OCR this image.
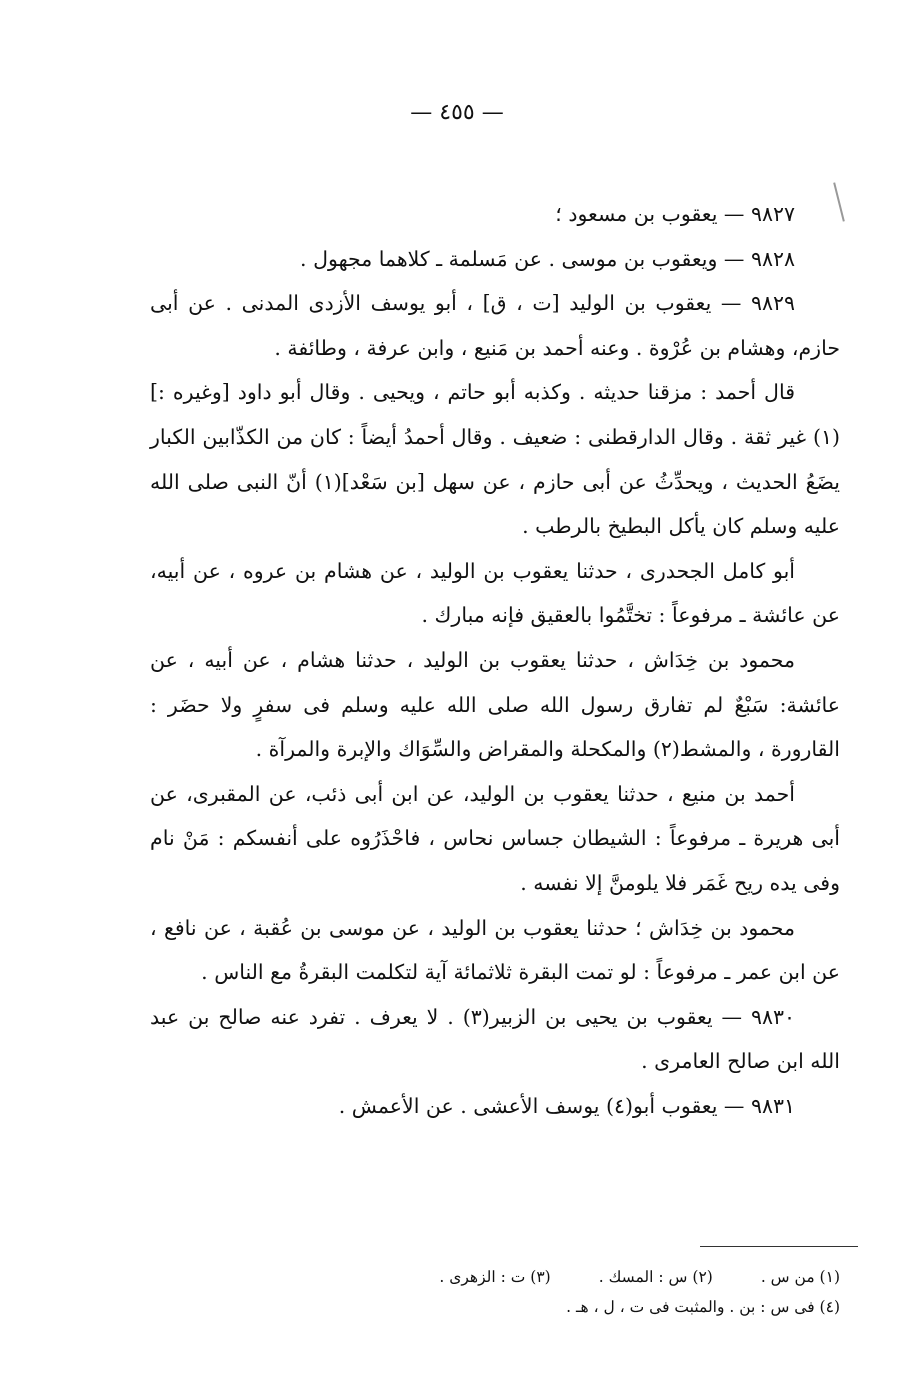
— ٤٥٥ —

٩٨٢٧ — يعقوب بن مسعود ؛

٩٨٢٨ — ويعقوب بن موسى . عن مَسلمة ـ كلاهما مجهول .

٩٨٢٩ — يعقوب بن الوليد [ت ، ق] ، أبو يوسف الأزدى المدنى . عن أبى حازم، وهشام بن عُرْوة . وعنه أحمد بن مَنيع ، وابن عرفة ، وطائفة .

قال أحمد : مزقنا حديثه . وكذبه أبو حاتم ، ويحيى . وقال أبو داود [وغيره :](١) غير ثقة . وقال الدارقطنى : ضعيف . وقال أحمدُ أيضاً : كان من الكذّابين الكبار يضَعُ الحديث ، ويحدِّثُ عن أبى حازم ، عن سهل [بن سَعْد](١) أنّ النبى صلى الله عليه وسلم كان يأكل البطيخ بالرطب .

أبو كامل الجحدرى ، حدثنا يعقوب بن الوليد ، عن هشام بن عروه ، عن أبيه، عن عائشة ـ مرفوعاً : تختَّمُوا بالعقيق فإنه مبارك .

محمود بن خِدَاش ، حدثنا يعقوب بن الوليد ، حدثنا هشام ، عن أبيه ، عن عائشة: سَبْعٌ لم تفارق رسول الله صلى الله عليه وسلم فى سفرٍ ولا حضَر : القارورة ، والمشط(٢) والمكحلة والمقراض والسِّوَاك والإبرة والمرآة .

أحمد بن منيع ، حدثنا يعقوب بن الوليد، عن ابن أبى ذئب، عن المقبرى، عن أبى هريرة ـ مرفوعاً : الشيطان جساس نحاس ، فاحْذَرُوه على أنفسكم : مَنْ نام وفى يده ريح غَمَر فلا يلومنَّ إلا نفسه .

محمود بن خِدَاش ؛ حدثنا يعقوب بن الوليد ، عن موسى بن عُقبة ، عن نافع ، عن ابن عمر ـ مرفوعاً : لو تمت البقرة ثلاثمائة آية لتكلمت البقرةُ مع الناس .

٩٨٣٠ — يعقوب بن يحيى بن الزبير(٣) . لا يعرف . تفرد عنه صالح بن عبد الله ابن صالح العامرى .

٩٨٣١ — يعقوب أبو(٤) يوسف الأعشى . عن الأعمش .

(١) من س .
(٢) س : المسك .
(٣) ت : الزهرى .
(٤) فى س : بن . والمثبت فى ت ، ل ، هـ .
